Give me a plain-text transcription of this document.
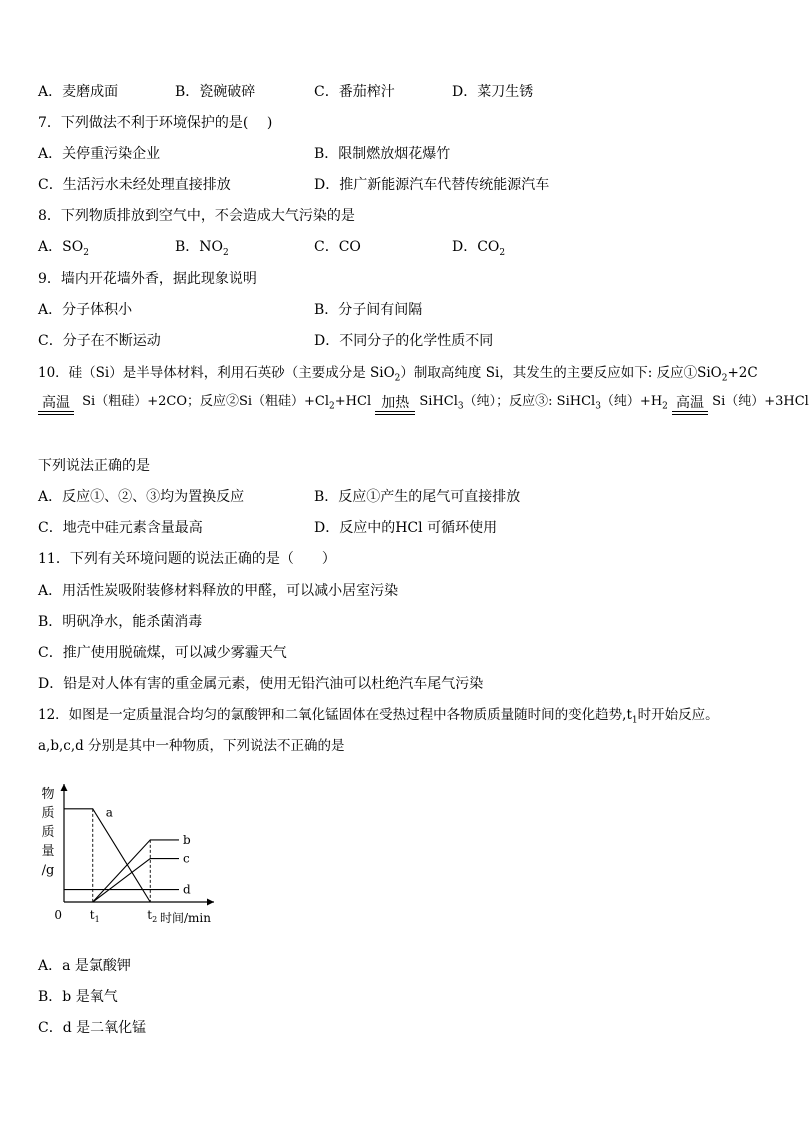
A．麦磨成面	B．瓷碗破碎	C．番茄榨汁	D．菜刀生锈
7．下列做法不利于环境保护的是(　 )
A．关停重污染企业	B．限制燃放烟花爆竹
C．生活污水未经处理直接排放	D．推广新能源汽车代替传统能源汽车
8．下列物质排放到空气中，不会造成大气污染的是
A．$SO_2$	B．$NO_2$	C．CO	D．$CO_2$
9．墙内开花墙外香，据此现象说明
A．分子体积小	B．分子间有间隔
C．分子在不断运动	D．不同分子的化学性质不同
10．硅（Si）是半导体材料，利用石英砂（主要成分是 SiO$_2$）制取高纯度 Si，其发生的主要反应如下: 反应①SiO$_2$+2C
高温 Si（粗硅）+2CO；反应②Si（粗硅）$+Cl_2+HCl$ 加热 SiHCl$_3$（纯）；反应③: SiHCl$_3$（纯）$+H_2$ 高温 Si（纯）+3HCl
下列说法正确的是
A．反应①、②、③均为置换反应	B．反应①产生的尾气可直接排放
C．地壳中硅元素含量最高	D．反应中的HCl 可循环使用
11．下列有关环境问题的说法正确的是（　　）
A．用活性炭吸附装修材料释放的甲醛，可以减小居室污染
B．明矾净水，能杀菌消毒
C．推广使用脱硫煤，可以减少雾霾天气
D．铅是对人体有害的重金属元素，使用无铅汽油可以杜绝汽车尾气污染
12．如图是一定质量混合均匀的氯酸钾和二氧化锰固体在受热过程中各物质质量随时间的变化趋势$,t_1$时开始反应。
a,b,c,d 分别是其中一种物质，下列说法不正确的是
物质质量/g
0	时间/min
$t_1$	$t_2$
a
b
c
d
A．a 是氯酸钾
B．b 是氧气
C．d 是二氧化锰
